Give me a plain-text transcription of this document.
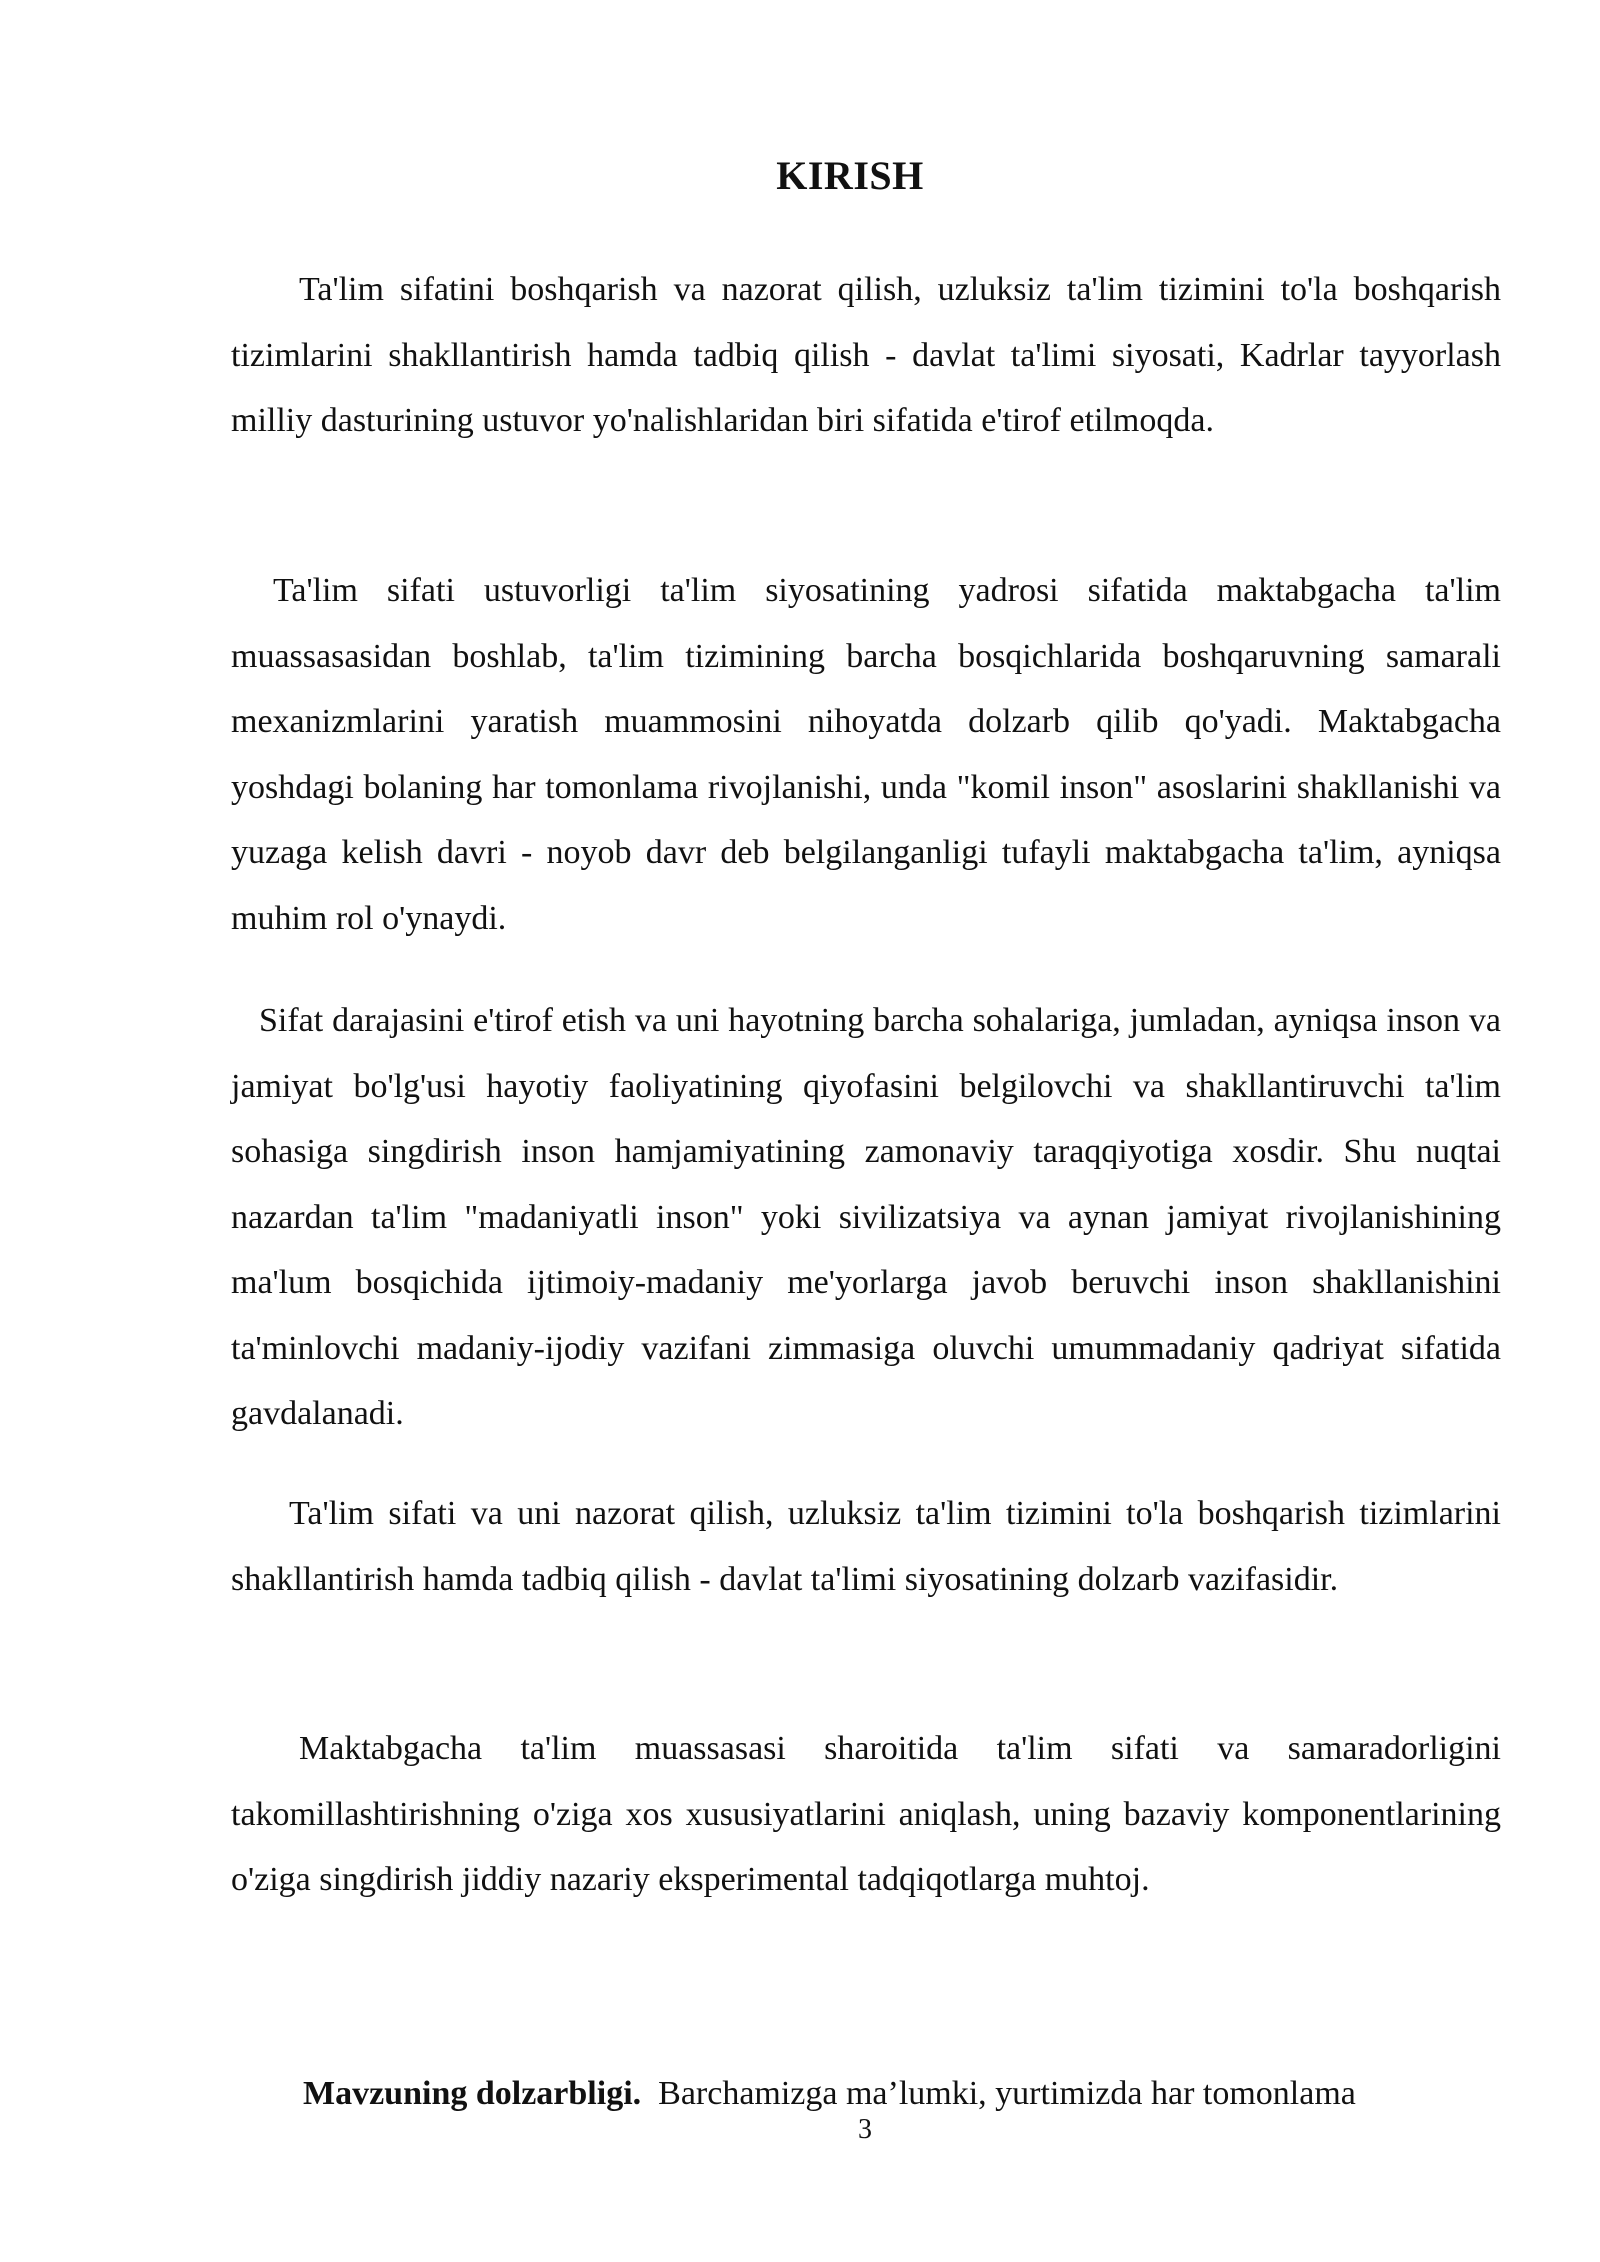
KIRISH

Ta'lim sifatini boshqarish va nazorat qilish, uzluksiz ta'lim tizimini to'la boshqarish tizimlarini shakllantirish hamda tadbiq qilish - davlat ta'limi siyosati, Kadrlar tayyorlash milliy dasturining ustuvor yo'nalishlaridan biri sifatida e'tirof etilmoqda.

Ta'lim sifati ustuvorligi ta'lim siyosatining yadrosi sifatida maktabgacha ta'lim muassasasidan boshlab, ta'lim tizimining barcha bosqichlarida boshqaruvning samarali mexanizmlarini yaratish muammosini nihoyatda dolzarb qilib qo'yadi. Maktabgacha yoshdagi bolaning har tomonlama rivojlanishi, unda "komil inson" asoslarini shakllanishi va yuzaga kelish davri - noyob davr deb belgilanganligi tufayli maktabgacha ta'lim, ayniqsa muhim rol o'ynaydi.

Sifat darajasini e'tirof etish va uni hayotning barcha sohalariga, jumladan, ayniqsa inson va jamiyat bo'lg'usi hayotiy faoliyatining qiyofasini belgilovchi va shakllantiruvchi ta'lim sohasiga singdirish inson hamjamiyatining zamonaviy taraqqiyotiga xosdir. Shu nuqtai nazardan ta'lim "madaniyatli inson" yoki sivilizatsiya va aynan jamiyat rivojlanishining ma'lum bosqichida ijtimoiy-madaniy me'yorlarga javob beruvchi inson shakllanishini ta'minlovchi madaniy-ijodiy vazifani zimmasiga oluvchi umummadaniy qadriyat sifatida gavdalanadi.

Ta'lim sifati va uni nazorat qilish, uzluksiz ta'lim tizimini to'la boshqarish tizimlarini shakllantirish hamda tadbiq qilish - davlat ta'limi siyosatining dolzarb vazifasidir.

Maktabgacha ta'lim muassasasi sharoitida ta'lim sifati va samaradorligini takomillashtirishning o'ziga xos xususiyatlarini aniqlash, uning bazaviy komponentlarining o'ziga singdirish jiddiy nazariy eksperimental tadqiqotlarga muhtoj.

Mavzuning dolzarbligi. Barchamizga ma’lumki, yurtimizda har tomonlama

3
